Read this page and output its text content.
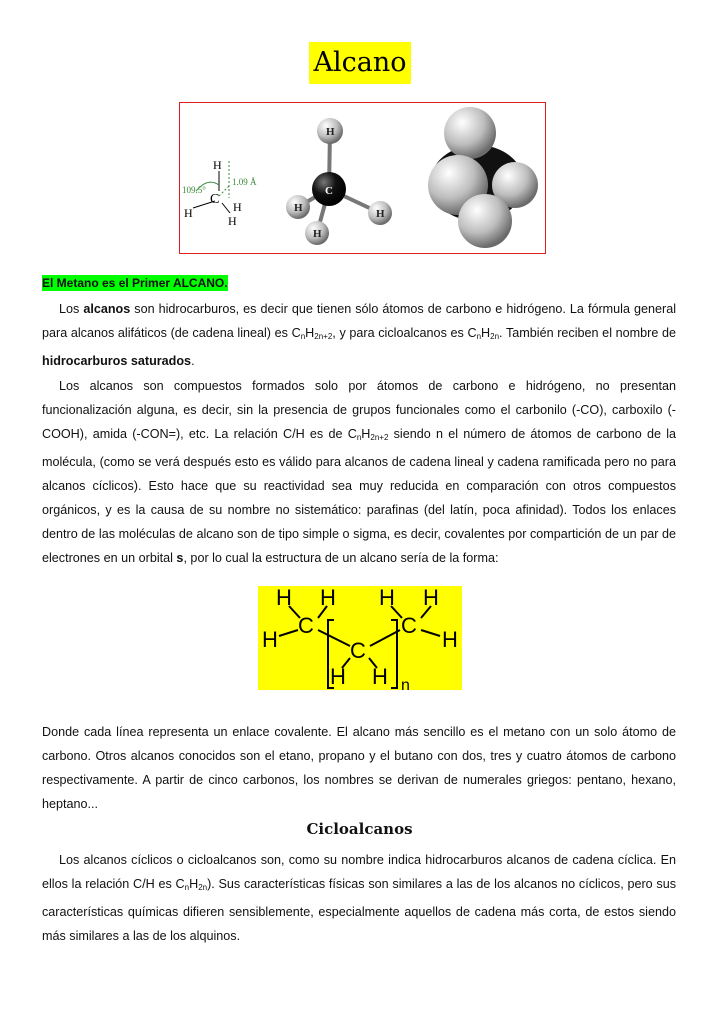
Alcano
H
109.5°
1.09 Å
C H
H
H
H
C
H	H
H
El Metano es el Primer ALCANO.
Los alcanos son hidrocarburos, es decir que tienen sólo átomos de carbono e hidrógeno. La fórmula general para alcanos alifáticos (de cadena lineal) es $C_nH_{2n+2}$, y para cicloalcanos es $C_nH_{2n}$. También reciben el nombre de hidrocarburos saturados.
Los alcanos son compuestos formados solo por átomos de carbono e hidrógeno, no presentan funcionalización alguna, es decir, sin la presencia de grupos funcionales como el carbonilo (-CO), carboxilo (-COOH), amida (-CON=), etc. La relación C/H es de $C_nH_{2n+2}$ siendo n el número de átomos de carbono de la molécula, (como se verá después esto es válido para alcanos de cadena lineal y cadena ramificada pero no para alcanos cíclicos). Esto hace que su reactividad sea muy reducida en comparación con otros compuestos orgánicos, y es la causa de su nombre no sistemático: parafinas (del latín, poca afinidad). Todos los enlaces dentro de las moléculas de alcano son de tipo simple o sigma, es decir, covalentes por compartición de un par de electrones en un orbital s, por lo cual la estructura de un alcano sería de la forma:
H H H H
H	H
C	C
C
H H n
Donde cada línea representa un enlace covalente. El alcano más sencillo es el metano con un solo átomo de carbono. Otros alcanos conocidos son el etano, propano y el butano con dos, tres y cuatro átomos de carbono respectivamente. A partir de cinco carbonos, los nombres se derivan de numerales griegos: pentano, hexano, heptano...
Cicloalcanos
Los alcanos cíclicos o cicloalcanos son, como su nombre indica hidrocarburos alcanos de cadena cíclica. En ellos la relación C/H es $C_nH_{2n}$). Sus características físicas son similares a las de los alcanos no cíclicos, pero sus características químicas difieren sensiblemente, especialmente aquellos de cadena más corta, de estos siendo más similares a las de los alquinos.
